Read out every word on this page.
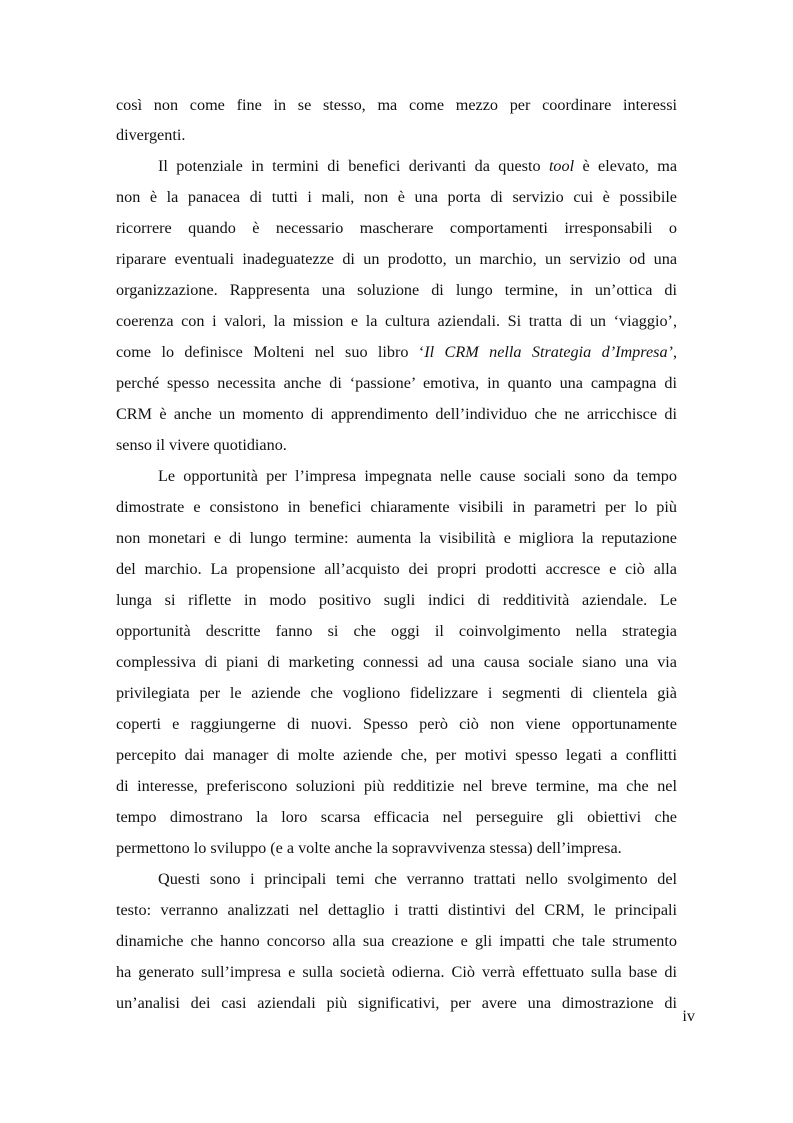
così non come fine in se stesso, ma come mezzo per coordinare interessi

divergenti.

Il potenziale in termini di benefici derivanti da questo tool è elevato, ma

non è la panacea di tutti i mali, non è una porta di servizio cui è possibile

ricorrere quando è necessario mascherare comportamenti irresponsabili o

riparare eventuali inadeguatezze di un prodotto, un marchio, un servizio od una

organizzazione. Rappresenta una soluzione di lungo termine, in un’ottica di

coerenza con i valori, la mission e la cultura aziendali. Si tratta di un ‘viaggio’,

come lo definisce Molteni nel suo libro ‘Il CRM nella Strategia d’Impresa’,

perché spesso necessita anche di ‘passione’ emotiva, in quanto una campagna di

CRM è anche un momento di apprendimento dell’individuo che ne arricchisce di

senso il vivere quotidiano.

Le opportunità per l’impresa impegnata nelle cause sociali sono da tempo

dimostrate e consistono in benefici chiaramente visibili in parametri per lo più

non monetari e di lungo termine: aumenta la visibilità e migliora la reputazione

del marchio. La propensione all’acquisto dei propri prodotti accresce e ciò alla

lunga si riflette in modo positivo sugli indici di redditività aziendale. Le

opportunità descritte fanno si che oggi il coinvolgimento nella strategia

complessiva di piani di marketing connessi ad una causa sociale siano una via

privilegiata per le aziende che vogliono fidelizzare i segmenti di clientela già

coperti e raggiungerne di nuovi. Spesso però ciò non viene opportunamente

percepito dai manager di molte aziende che, per motivi spesso legati a conflitti

di interesse, preferiscono soluzioni più redditizie nel breve termine, ma che nel

tempo dimostrano la loro scarsa efficacia nel perseguire gli obiettivi che

permettono lo sviluppo (e a volte anche la sopravvivenza stessa) dell’impresa.

Questi sono i principali temi che verranno trattati nello svolgimento del

testo: verranno analizzati nel dettaglio i tratti distintivi del CRM, le principali

dinamiche che hanno concorso alla sua creazione e gli impatti che tale strumento

ha generato sull’impresa e sulla società odierna. Ciò verrà effettuato sulla base di

un’analisi dei casi aziendali più significativi, per avere una dimostrazione di

iv
